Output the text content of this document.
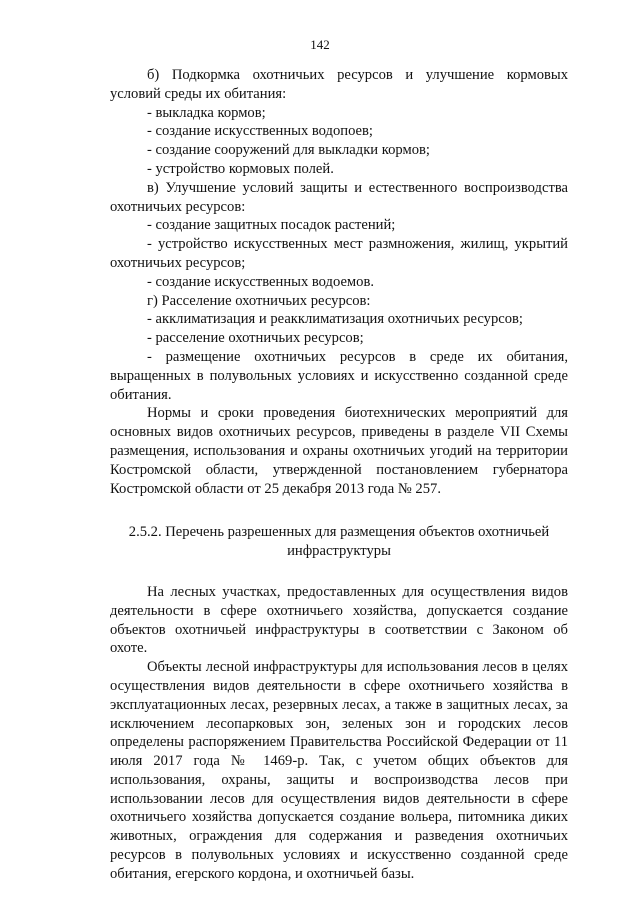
142

б) Подкормка охотничьих ресурсов и улучшение кормовых условий среды их обитания:

- выкладка кормов;

- создание искусственных водопоев;

- создание сооружений для выкладки кормов;

- устройство кормовых полей.

в) Улучшение условий защиты и естественного воспроизводства охотничьих ресурсов:

- создание защитных посадок растений;

- устройство искусственных мест размножения, жилищ, укрытий охотничьих ресурсов;

- создание искусственных водоемов.

г) Расселение охотничьих ресурсов:

- акклиматизация и реакклиматизация охотничьих ресурсов;

- расселение охотничьих ресурсов;

- размещение охотничьих ресурсов в среде их обитания, выращенных в полувольных условиях и искусственно созданной среде обитания.

Нормы и сроки проведения биотехнических мероприятий для основных видов охотничьих ресурсов, приведены в разделе VII Схемы размещения, использования и охраны охотничьих угодий на территории Костромской области, утвержденной постановлением губернатора Костромской области от 25 декабря 2013 года № 257.

2.5.2. Перечень разрешенных для размещения объектов охотничьей инфраструктуры

На лесных участках, предоставленных для осуществления видов деятельности в сфере охотничьего хозяйства, допускается создание объектов охотничьей инфраструктуры в соответствии с Законом об охоте.

Объекты лесной инфраструктуры для использования лесов в целях осуществления видов деятельности в сфере охотничьего хозяйства в эксплуатационных лесах, резервных лесах, а также в защитных лесах, за исключением лесопарковых зон, зеленых зон и городских лесов определены распоряжением Правительства Российской Федерации от 11 июля 2017 года № 1469-р. Так, с учетом общих объектов для использования, охраны, защиты и воспроизводства лесов при использовании лесов для осуществления видов деятельности в сфере охотничьего хозяйства допускается создание вольера, питомника диких животных, ограждения для содержания и разведения охотничьих ресурсов в полувольных условиях и искусственно созданной среде обитания, егерского кордона, и охотничьей базы.
